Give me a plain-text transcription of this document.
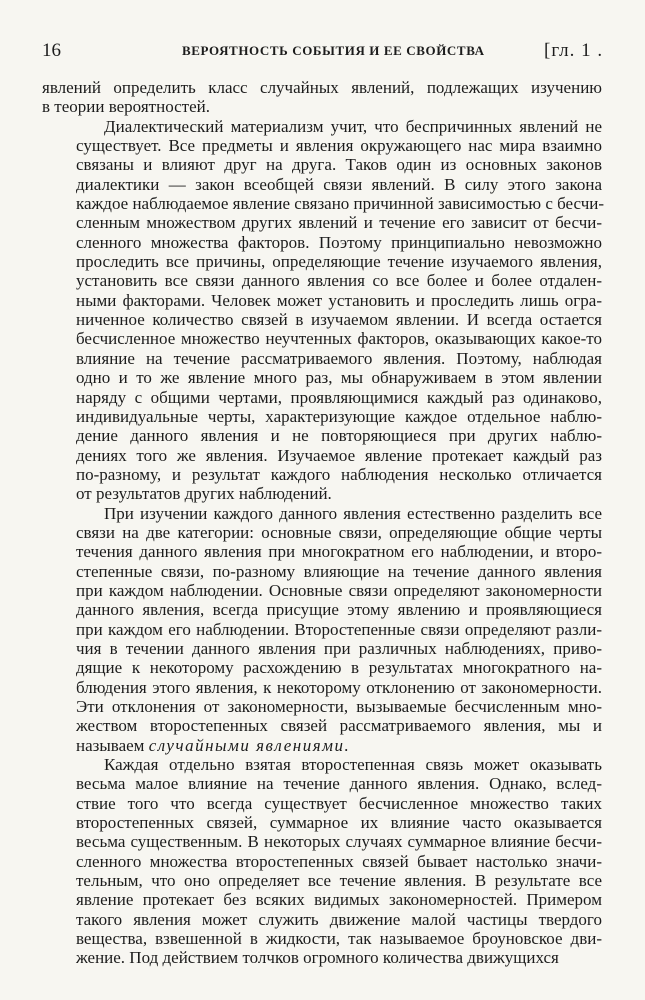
16	ВЕРОЯТНОСТЬ СОБЫТИЯ И ЕЕ СВОЙСТВА	[гл. 1 .

явлений определить класс случайных явлений, подлежащих изучению
в теории вероятностей.

Диалектический материализм учит, что беспричинных явлений не
существует. Все предметы и явления окружающего нас мира взаимно
связаны и влияют друг на друга. Таков один из основных законов
диалектики — закон всеобщей связи явлений. В силу этого закона
каждое наблюдаемое явление связано причинной зависимостью с бесчи-
сленным множеством других явлений и течение его зависит от бесчи-
сленного множества факторов. Поэтому принципиально невозможно
проследить все причины, определяющие течение изучаемого явления,
установить все связи данного явления со все более и более отдален-
ными факторами. Человек может установить и проследить лишь огра-
ниченное количество связей в изучаемом явлении. И всегда остается
бесчисленное множество неучтенных факторов, оказывающих какое-то
влияние на течение рассматриваемого явления. Поэтому, наблюдая
одно и то же явление много раз, мы обнаруживаем в этом явлении
наряду с общими чертами, проявляющимися каждый раз одинаково,
индивидуальные черты, характеризующие каждое отдельное наблю-
дение данного явления и не повторяющиеся при других наблю-
дениях того же явления. Изучаемое явление протекает каждый раз
по-разному, и результат каждого наблюдения несколько отличается
от результатов других наблюдений.

При изучении каждого данного явления естественно разделить все
связи на две категории: основные связи, определяющие общие черты
течения данного явления при многократном его наблюдении, и второ-
степенные связи, по-разному влияющие на течение данного явления
при каждом наблюдении. Основные связи определяют закономерности
данного явления, всегда присущие этому явлению и проявляющиеся
при каждом его наблюдении. Второстепенные связи определяют разли-
чия в течении данного явления при различных наблюдениях, приво-
дящие к некоторому расхождению в результатах многократного на-
блюдения этого явления, к некоторому отклонению от закономерности.
Эти отклонения от закономерности, вызываемые бесчисленным мно-
жеством второстепенных связей рассматриваемого явления, мы и
называем случайными явлениями.

Каждая отдельно взятая второстепенная связь может оказывать
весьма малое влияние на течение данного явления. Однако, вслед-
ствие того что всегда существует бесчисленное множество таких
второстепенных связей, суммарное их влияние часто оказывается
весьма существенным. В некоторых случаях суммарное влияние бесчи-
сленного множества второстепенных связей бывает настолько значи-
тельным, что оно определяет все течение явления. В результате все
явление протекает без всяких видимых закономерностей. Примером
такого явления может служить движение малой частицы твердого
вещества, взвешенной в жидкости, так называемое броуновское дви-
жение. Под действием толчков огромного количества движущихся
